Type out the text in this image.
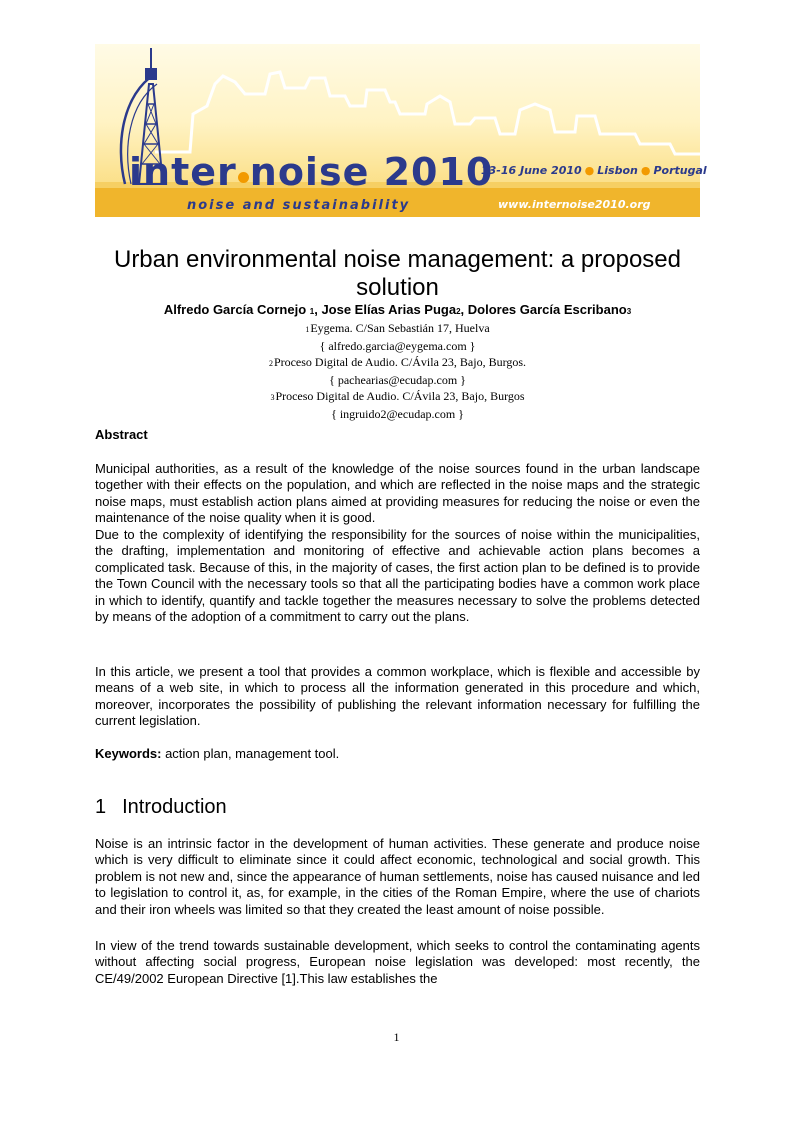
inter noise 2010
13-16 June 2010 ● Lisbon ● Portugal
noise and sustainability	www.internoise2010.org
Urban environmental noise management: a proposed solution
Alfredo García Cornejo 1, Jose Elías Arias Puga2, Dolores García Escribano3
1Eygema. C/San Sebastián 17, Huelva
{ alfredo.garcia@eygema.com }
2Proceso Digital de Audio. C/Ávila 23, Bajo, Burgos.
{ pachearias@ecudap.com }
3Proceso Digital de Audio. C/Ávila 23, Bajo, Burgos
{ ingruido2@ecudap.com }
Abstract

Municipal authorities, as a result of the knowledge of the noise sources found in the urban landscape together with their effects on the population, and which are reflected in the noise maps and the strategic noise maps, must establish action plans aimed at providing measures for reducing the noise or even the maintenance of the noise quality when it is good.

Due to the complexity of identifying the responsibility for the sources of noise within the municipalities, the drafting, implementation and monitoring of effective and achievable action plans becomes a complicated task. Because of this, in the majority of cases, the first action plan to be defined is to provide the Town Council with the necessary tools so that all the participating bodies have a common work place in which to identify, quantify and tackle together the measures necessary to solve the problems detected by means of the adoption of a commitment to carry out the plans.

In this article, we present a tool that provides a common workplace, which is flexible and accessible by means of a web site, in which to process all the information generated in this procedure and which, moreover, incorporates the possibility of publishing the relevant information necessary for fulfilling the current legislation.

Keywords: action plan, management tool.
1 Introduction

Noise is an intrinsic factor in the development of human activities. These generate and produce noise which is very difficult to eliminate since it could affect economic, technological and social growth. This problem is not new and, since the appearance of human settlements, noise has caused nuisance and led to legislation to control it, as, for example, in the cities of the Roman Empire, where the use of chariots and their iron wheels was limited so that they created the least amount of noise possible.

In view of the trend towards sustainable development, which seeks to control the contaminating agents without affecting social progress, European noise legislation was developed: most recently, the CE/49/2002 European Directive [1].This law establishes the

1
